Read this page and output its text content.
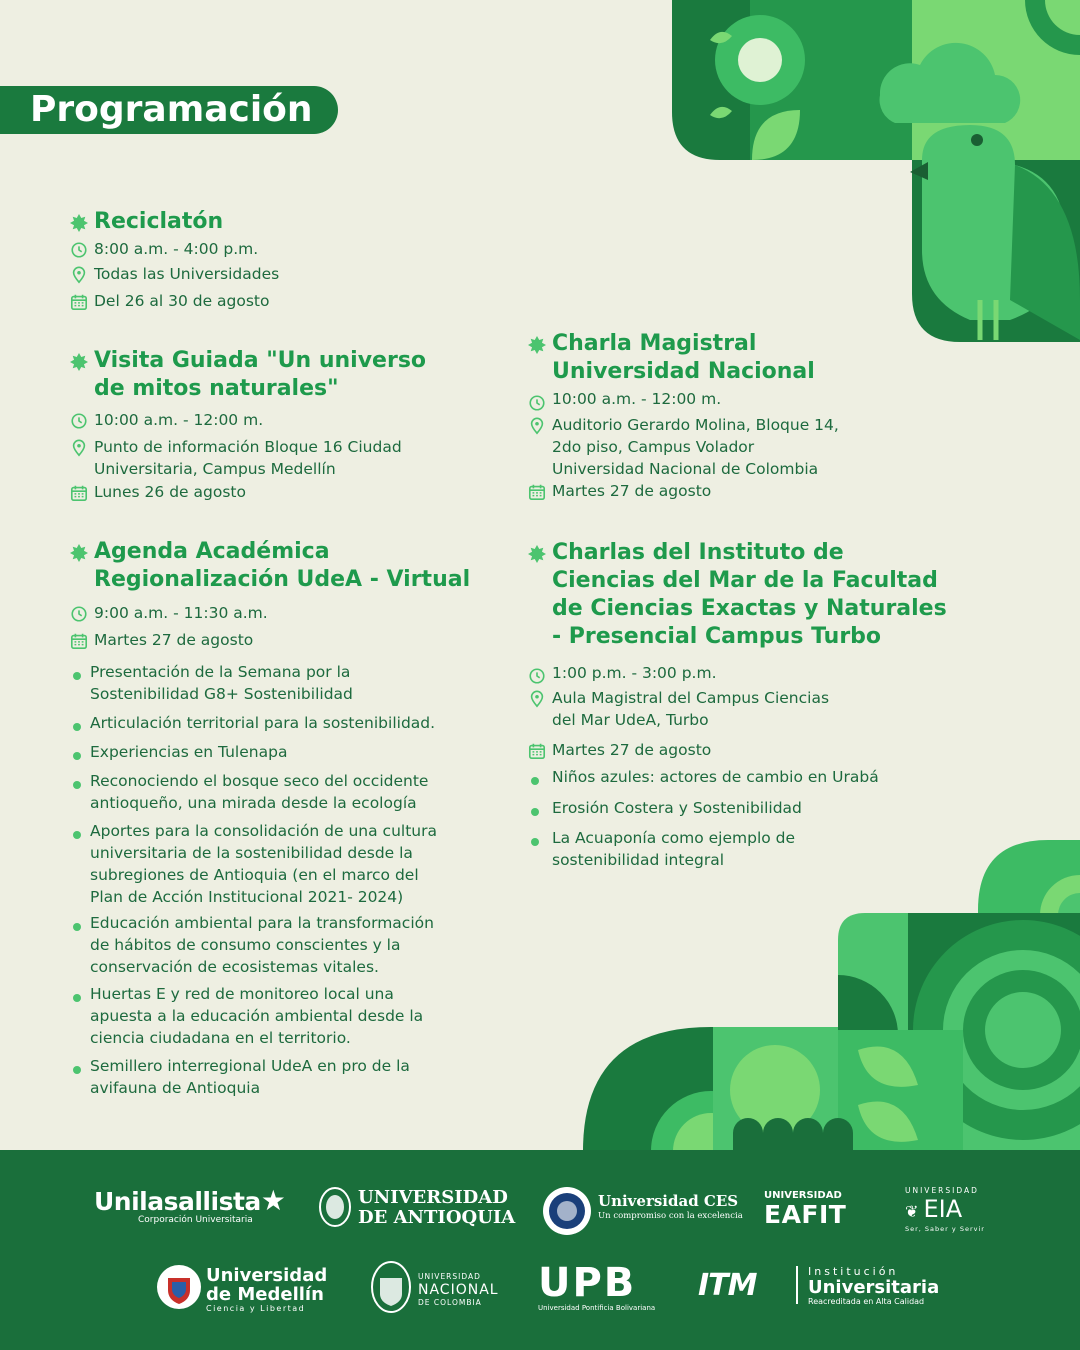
Programación
Reciclatón
8:00 a.m. - 4:00 p.m.
Todas las Universidades
Del 26 al 30 de agosto
Visita Guiada "Un universo
de mitos naturales"
10:00 a.m. - 12:00 m.
Punto de información Bloque 16 Ciudad
Universitaria, Campus Medellín
Lunes 26 de agosto
Charla Magistral
Universidad Nacional
10:00 a.m. - 12:00 m.
Auditorio Gerardo Molina, Bloque 14,
2do piso, Campus Volador
Universidad Nacional de Colombia
Martes 27 de agosto
Agenda Académica
Regionalización UdeA - Virtual
9:00 a.m. - 11:30 a.m.
Martes 27 de agosto
Presentación de la Semana por la
Sostenibilidad G8+ Sostenibilidad
Articulación territorial para la sostenibilidad.
Experiencias en Tulenapa
Reconociendo el bosque seco del occidente
antioqueño, una mirada desde la ecología
Aportes para la consolidación de una cultura
universitaria de la sostenibilidad desde la
subregiones de Antioquia (en el marco del
Plan de Acción Institucional 2021- 2024)
Educación ambiental para la transformación
de hábitos de consumo conscientes y la
conservación de ecosistemas vitales.
Huertas E y red de monitoreo local una
apuesta a la educación ambiental desde la
ciencia ciudadana en el territorio.
Semillero interregional UdeA en pro de la
avifauna de Antioquia
Charlas del Instituto de
Ciencias del Mar de la Facultad
de Ciencias Exactas y Naturales
- Presencial Campus Turbo
1:00 p.m. - 3:00 p.m.
Aula Magistral del Campus Ciencias
del Mar UdeA, Turbo
Martes 27 de agosto
Niños azules: actores de cambio en Urabá
Erosión Costera y Sostenibilidad
La Acuaponía como ejemplo de
sostenibilidad integral
Unilasallista★
Corporación Universitaria
UNIVERSIDAD
DE ANTIOQUIA
Universidad CES
Un compromiso con la excelencia
UNIVERSIDAD
EAFIT
UNIVERSIDAD
❦ EIA
Ser, Saber y Servir
Universidad
de Medellín
Ciencia y Libertad
UNIVERSIDAD
NACIONAL
DE COLOMBIA	UPB
Universidad Pontificia Bolivariana
ITM	Institución
Universitaria
Reacreditada en Alta Calidad
